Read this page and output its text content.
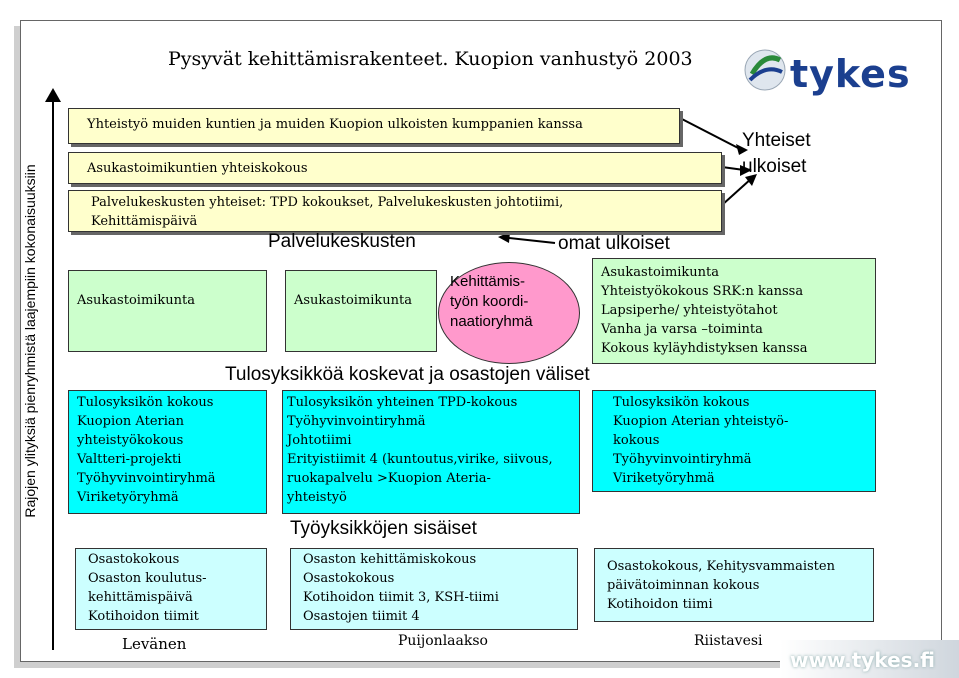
Pysyvät kehittämisrakenteet. Kuopion vanhustyö 2003	tykes
Rajojen ylityksiä pienryhmistä laajempiin kokonaisuuksiin
Yhteistyö muiden kuntien ja muiden Kuopion ulkoisten kumppanien kanssa
Asukastoimikuntien yhteiskokous
Palvelukeskusten yhteiset: TPD kokoukset, Palvelukeskusten johtotiimi,
Kehittämispäivä
Yhteiset
ulkoiset
Palvelukeskusten	omat ulkoiset
Asukastoimikunta	Asukastoimikunta
Asukastoimikunta
Yhteistyökokous SRK:n kanssa
Lapsiperhe/ yhteistyötahot
Vanha ja varsa –toiminta
Kokous kyläyhdistyksen kanssa
Kehittämis-
työn koordi-
naatioryhmä
Tulosyksikköä koskevat ja osastojen väliset
Tulosyksikön kokous
Kuopion Aterian
yhteistyökokous
Valtteri-projekti
Työhyvinvointiryhmä
Viriketyöryhmä
Tulosyksikön yhteinen TPD-kokous
Työhyvinvointiryhmä
Johtotiimi
Erityistiimit 4 (kuntoutus,virike, siivous,
ruokapalvelu >Kuopion Ateria-
yhteistyö
Tulosyksikön kokous
Kuopion Aterian yhteistyö-
kokous
Työhyvinvointiryhmä
Viriketyöryhmä
Työyksikköjen sisäiset
Osastokokous
Osaston koulutus-
kehittämispäivä
Kotihoidon tiimit
Osaston kehittämiskokous
Osastokokous
Kotihoidon tiimit 3, KSH-tiimi
Osastojen tiimit 4
Osastokokous, Kehitysvammaisten
päivätoiminnan kokous
Kotihoidon tiimi
Levänen	Puijonlaakso	Riistavesi
www.tykes.fi
